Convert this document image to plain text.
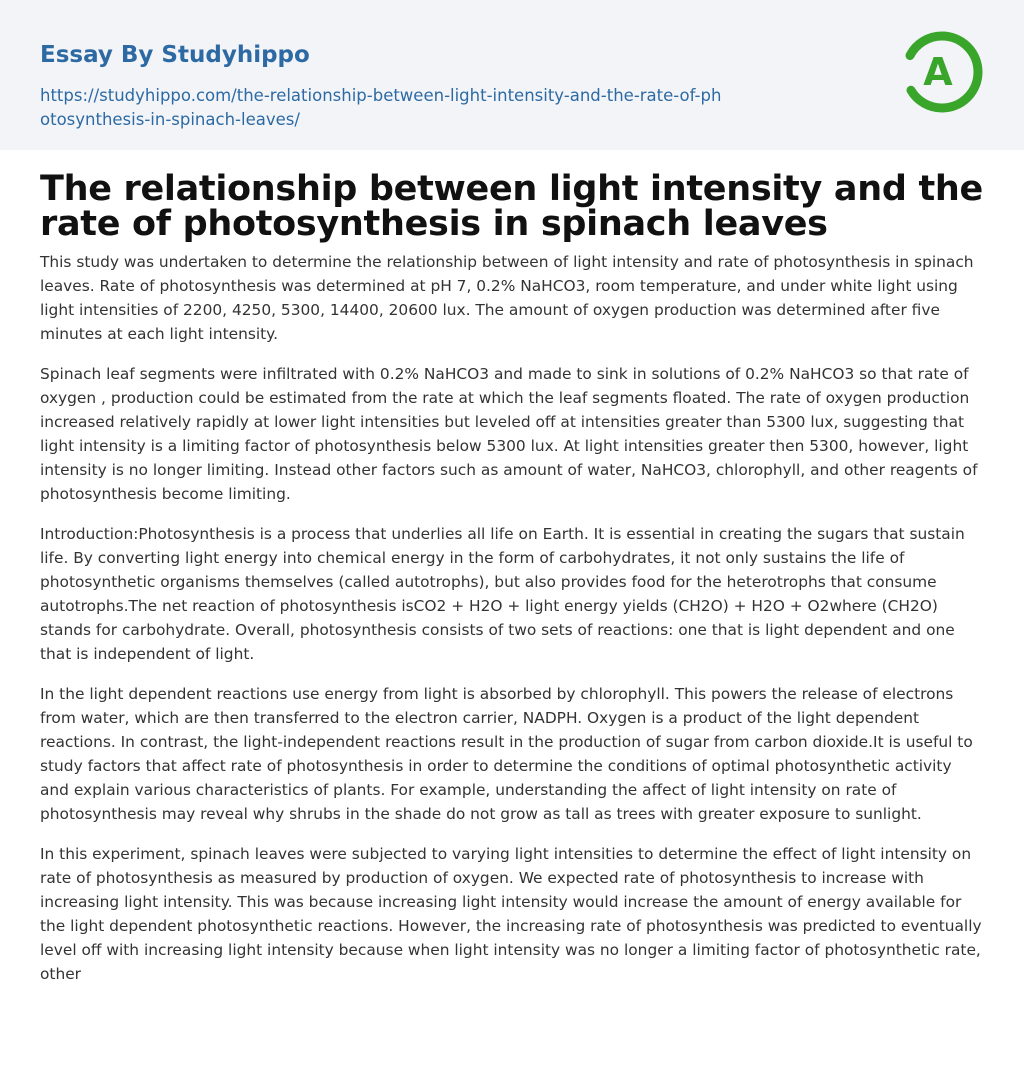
Essay By Studyhippo
https://studyhippo.com/the-relationship-between-light-intensity-and-the-rate-of-photosynthesis-in-spinach-leaves/
A
The relationship between light intensity and the rate of photosynthesis in spinach leaves

This study was undertaken to determine the relationship between of light intensity and rate of photosynthesis in spinach leaves. Rate of photosynthesis was determined at pH 7, 0.2% NaHCO3, room temperature, and under white light using light intensities of 2200, 4250, 5300, 14400, 20600 lux. The amount of oxygen production was determined after five minutes at each light intensity.

Spinach leaf segments were infiltrated with 0.2% NaHCO3 and made to sink in solutions of 0.2% NaHCO3 so that rate of oxygen , production could be estimated from the rate at which the leaf segments floated. The rate of oxygen production increased relatively rapidly at lower light intensities but leveled off at intensities greater than 5300 lux, suggesting that light intensity is a limiting factor of photosynthesis below 5300 lux. At light intensities greater then 5300, however, light intensity is no longer limiting. Instead other factors such as amount of water, NaHCO3, chlorophyll, and other reagents of photosynthesis become limiting.

Introduction:Photosynthesis is a process that underlies all life on Earth. It is essential in creating the sugars that sustain life. By converting light energy into chemical energy in the form of carbohydrates, it not only sustains the life of photosynthetic organisms themselves (called autotrophs), but also provides food for the heterotrophs that consume autotrophs.The net reaction of photosynthesis isCO2 + H2O + light energy yields (CH2O) + H2O + O2where (CH2O) stands for carbohydrate. Overall, photosynthesis consists of two sets of reactions: one that is light dependent and one that is independent of light.

In the light dependent reactions use energy from light is absorbed by chlorophyll. This powers the release of electrons from water, which are then transferred to the electron carrier, NADPH. Oxygen is a product of the light dependent reactions. In contrast, the light-independent reactions result in the production of sugar from carbon dioxide.It is useful to study factors that affect rate of photosynthesis in order to determine the conditions of optimal photosynthetic activity and explain various characteristics of plants. For example, understanding the affect of light intensity on rate of photosynthesis may reveal why shrubs in the shade do not grow as tall as trees with greater exposure to sunlight.

In this experiment, spinach leaves were subjected to varying light intensities to determine the effect of light intensity on rate of photosynthesis as measured by production of oxygen. We expected rate of photosynthesis to increase with increasing light intensity. This was because increasing light intensity would increase the amount of energy available for the light dependent photosynthetic reactions. However, the increasing rate of photosynthesis was predicted to eventually level off with increasing light intensity because when light intensity was no longer a limiting factor of photosynthetic rate, other
